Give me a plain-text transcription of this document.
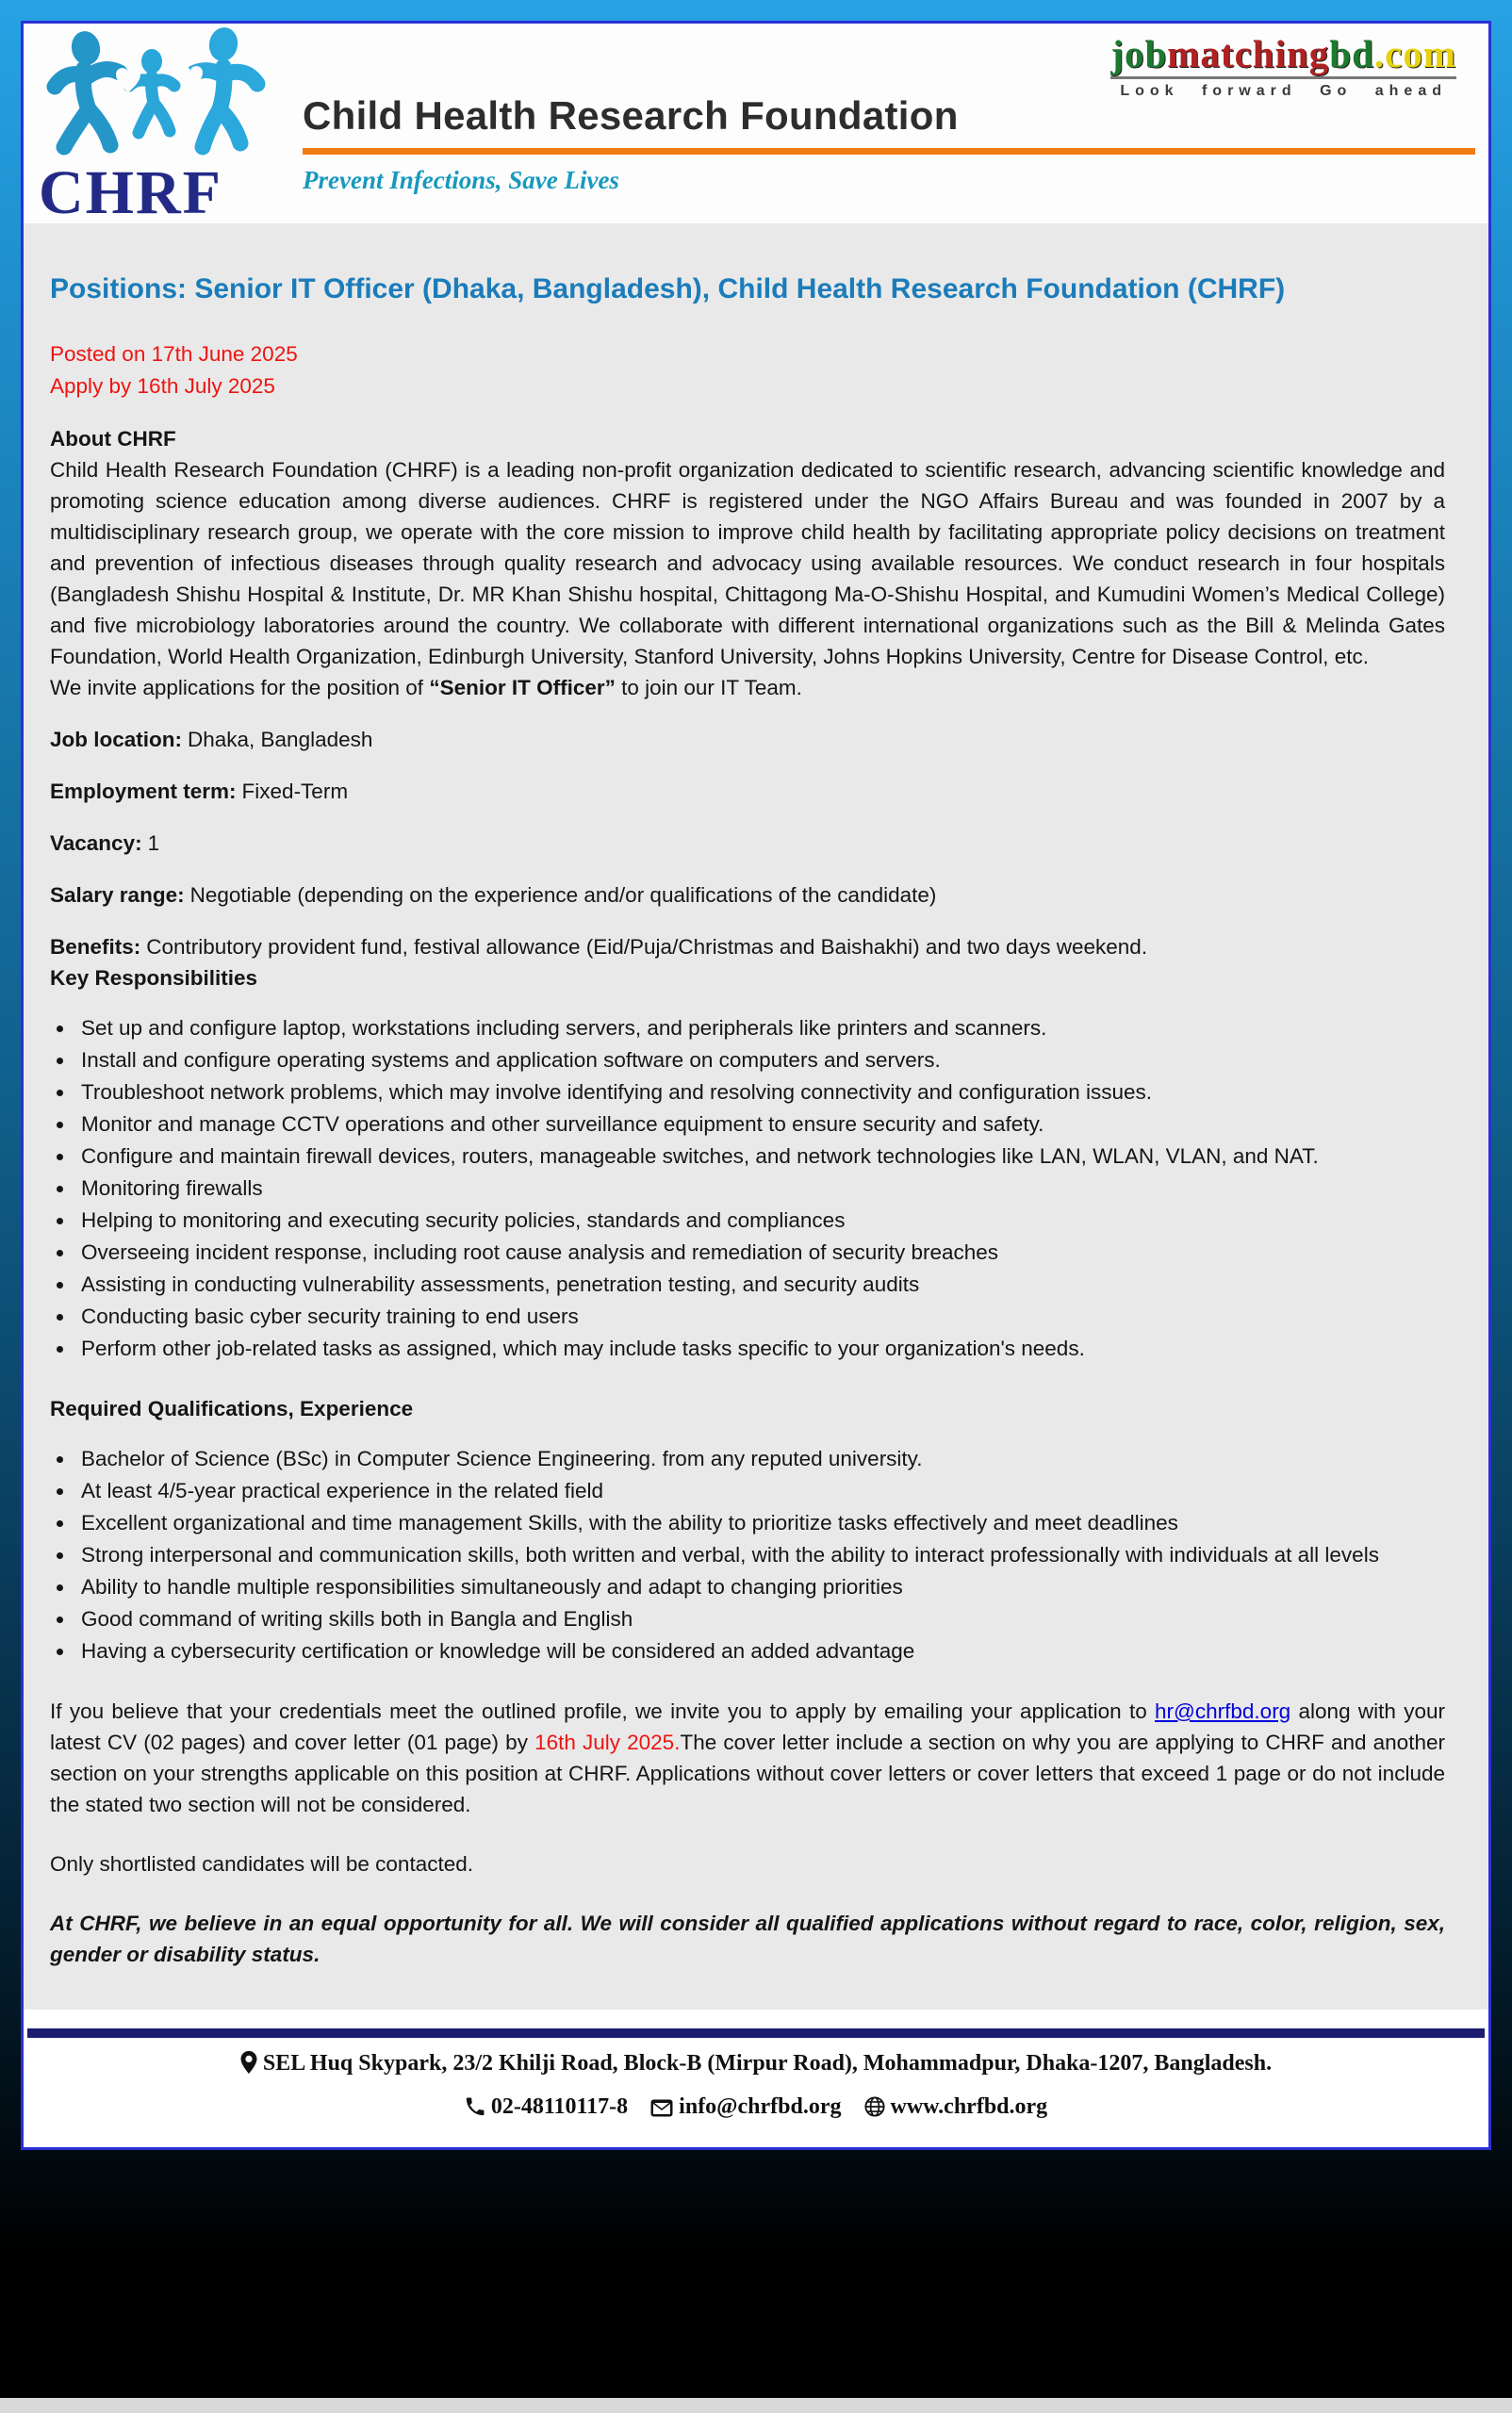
CHRF
Child Health Research Foundation
Prevent Infections, Save Lives
jobmatchingbd.com
Look forward Go ahead
Positions: Senior IT Officer (Dhaka, Bangladesh), Child Health Research Foundation (CHRF)
Posted on 17th June 2025
Apply by 16th July 2025
About CHRF

Child Health Research Foundation (CHRF) is a leading non-profit organization dedicated to scientific research, advancing scientific knowledge and promoting science education among diverse audiences. CHRF is registered under the NGO Affairs Bureau and was founded in 2007 by a multidisciplinary research group, we operate with the core mission to improve child health by facilitating appropriate policy decisions on treatment and prevention of infectious diseases through quality research and advocacy using available resources. We conduct research in four hospitals (Bangladesh Shishu Hospital & Institute, Dr. MR Khan Shishu hospital, Chittagong Ma-O-Shishu Hospital, and Kumudini Women’s Medical College) and five microbiology laboratories around the country. We collaborate with different international organizations such as the Bill & Melinda Gates Foundation, World Health Organization, Edinburgh University, Stanford University, Johns Hopkins University, Centre for Disease Control, etc.

We invite applications for the position of “Senior IT Officer” to join our IT Team.

Job location: Dhaka, Bangladesh

Employment term: Fixed-Term

Vacancy: 1

Salary range: Negotiable (depending on the experience and/or qualifications of the candidate)

Benefits: Contributory provident fund, festival allowance (Eid/Puja/Christmas and Baishakhi) and two days weekend.

Key Responsibilities
• Set up and configure laptop, workstations including servers, and peripherals like printers and scanners.
• Install and configure operating systems and application software on computers and servers.
• Troubleshoot network problems, which may involve identifying and resolving connectivity and configuration issues.
• Monitor and manage CCTV operations and other surveillance equipment to ensure security and safety.
• Configure and maintain firewall devices, routers, manageable switches, and network technologies like LAN, WLAN, VLAN, and NAT.
• Monitoring firewalls
• Helping to monitoring and executing security policies, standards and compliances
• Overseeing incident response, including root cause analysis and remediation of security breaches
• Assisting in conducting vulnerability assessments, penetration testing, and security audits
• Conducting basic cyber security training to end users
• Perform other job-related tasks as assigned, which may include tasks specific to your organization's needs.
Required Qualifications, Experience
• Bachelor of Science (BSc) in Computer Science Engineering. from any reputed university.
• At least 4/5-year practical experience in the related field
• Excellent organizational and time management Skills, with the ability to prioritize tasks effectively and meet deadlines
• Strong interpersonal and communication skills, both written and verbal, with the ability to interact professionally with individuals at all levels
• Ability to handle multiple responsibilities simultaneously and adapt to changing priorities
• Good command of writing skills both in Bangla and English
• Having a cybersecurity certification or knowledge will be considered an added advantage

If you believe that your credentials meet the outlined profile, we invite you to apply by emailing your application to hr@chrfbd.org along with your latest CV (02 pages) and cover letter (01 page) by 16th July 2025.The cover letter include a section on why you are applying to CHRF and another section on your strengths applicable on this position at CHRF. Applications without cover letters or cover letters that exceed 1 page or do not include the stated two section will not be considered.

Only shortlisted candidates will be contacted.

At CHRF, we believe in an equal opportunity for all. We will consider all qualified applications without regard to race, color, religion, sex, gender or disability status.

SEL Huq Skypark, 23/2 Khilji Road, Block-B (Mirpur Road), Mohammadpur, Dhaka-1207, Bangladesh.
02-48110117-8 info@chrfbd.org www.chrfbd.org
